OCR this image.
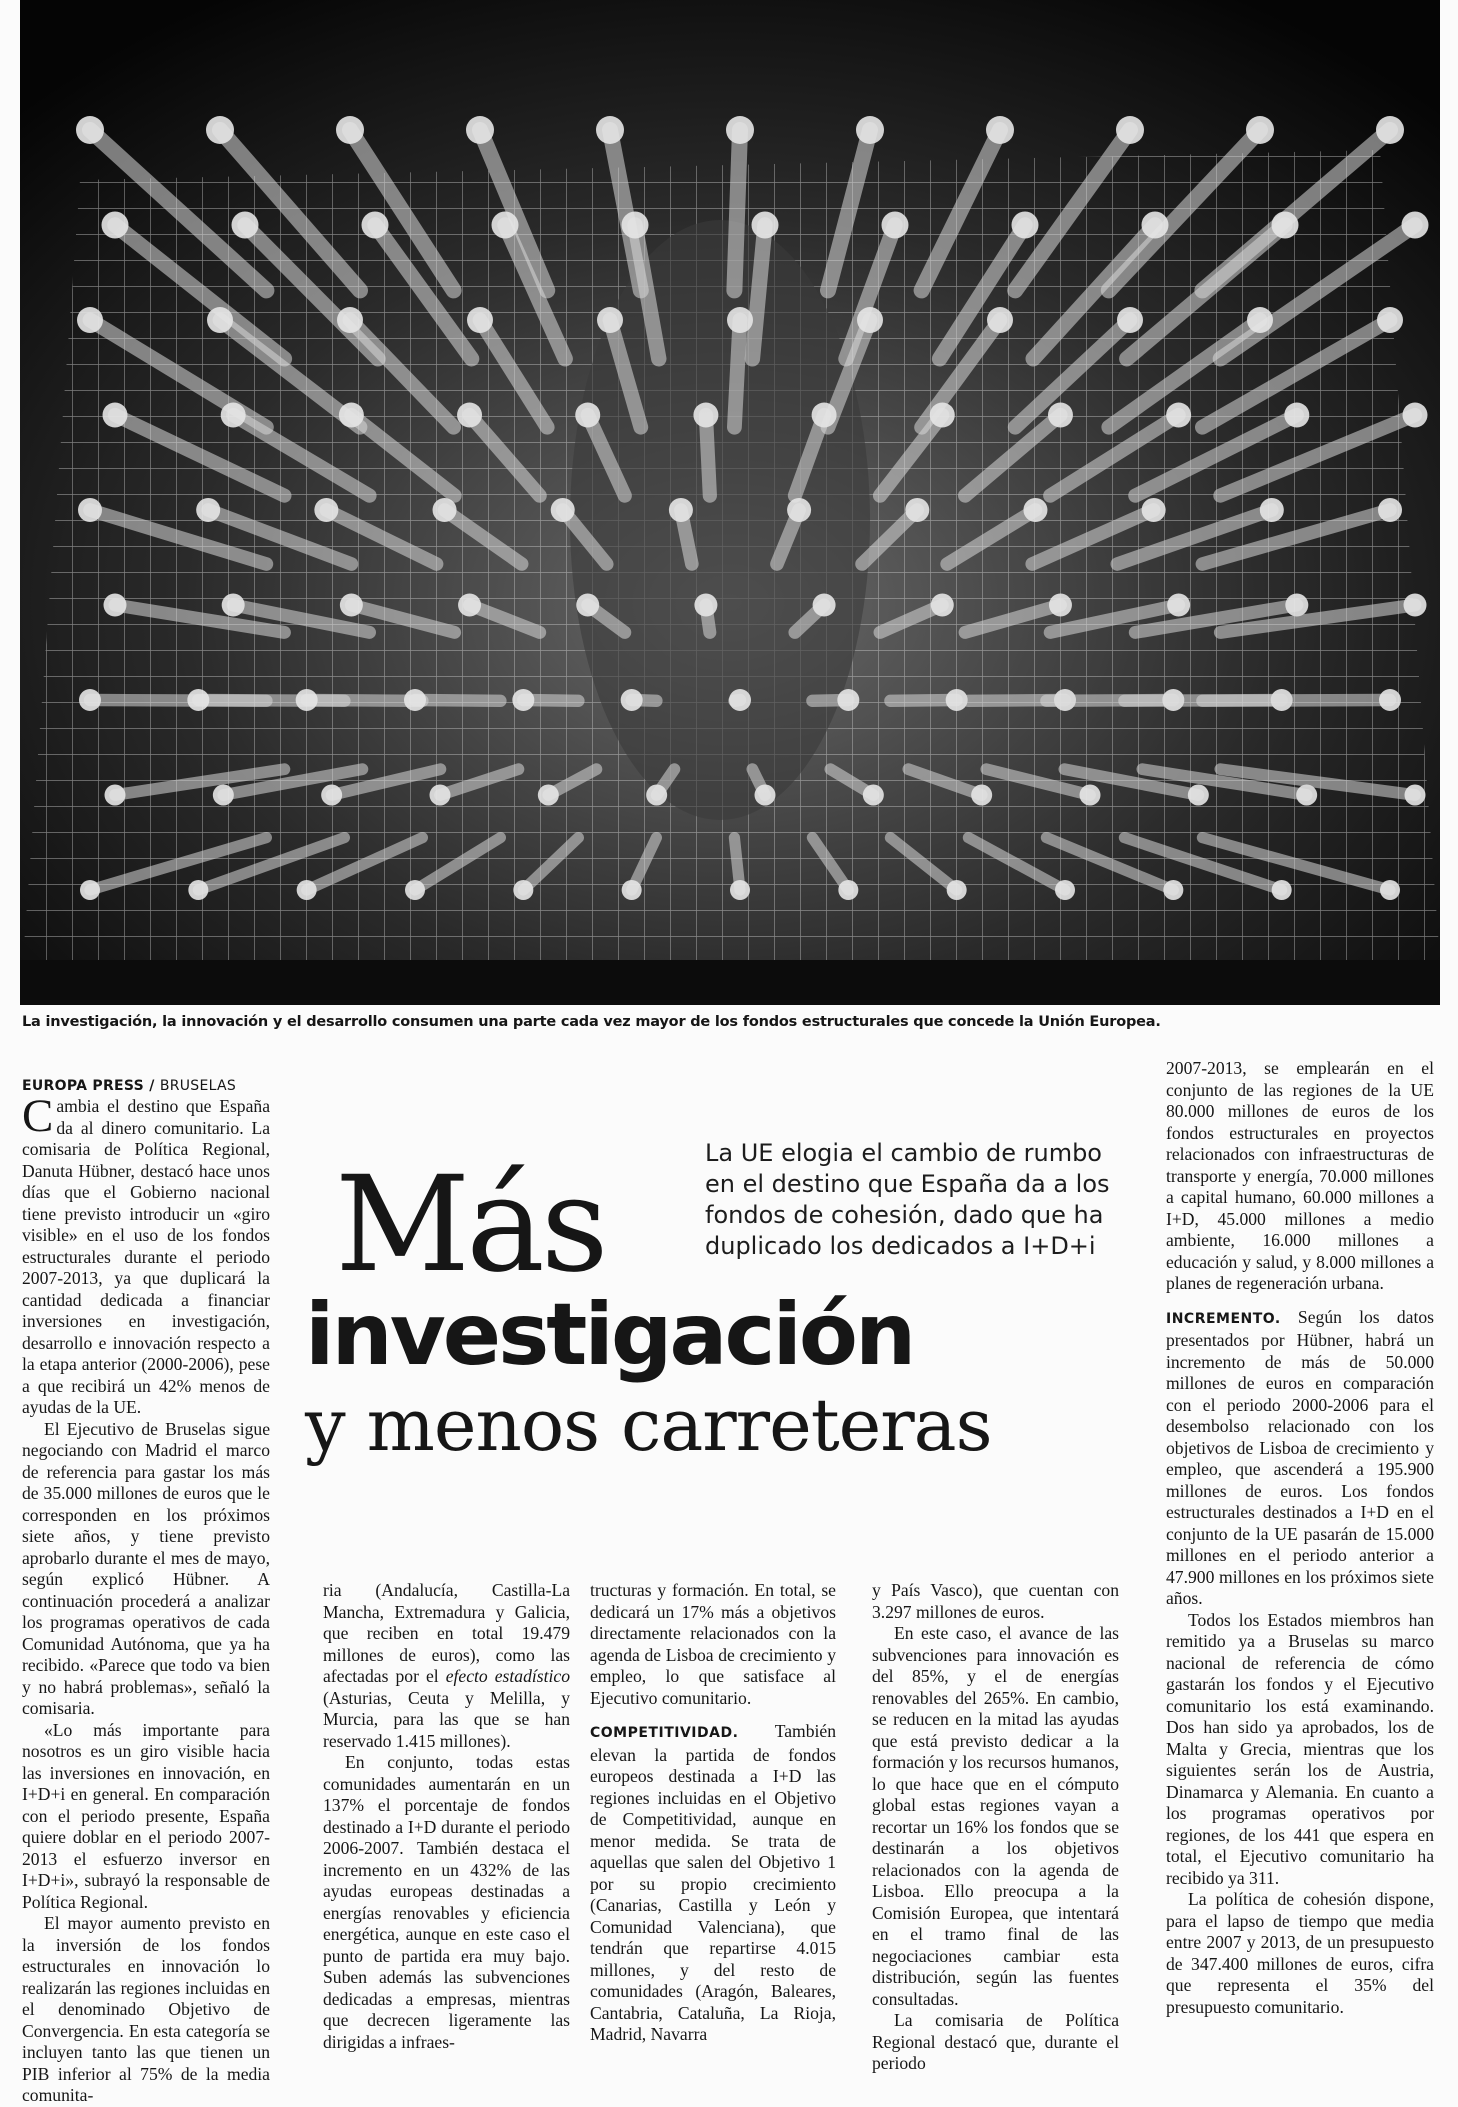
La investigación, la innovación y el desarrollo consumen una parte cada vez mayor de los fondos estructurales que concede la Unión Europea.
EUROPA PRESS / BRUSELAS

Cambia el destino que España da al dinero comunitario. La comisaria de Política Regional, Danuta Hübner, destacó hace unos días que el Gobierno nacional tiene previsto introducir un «giro visible» en el uso de los fondos estructurales durante el periodo 2007-2013, ya que duplicará la cantidad dedicada a financiar inversiones en investigación, desarrollo e innovación respecto a la etapa anterior (2000-2006), pese a que recibirá un 42% menos de ayudas de la UE.

El Ejecutivo de Bruselas sigue negociando con Madrid el marco de referencia para gastar los más de 35.000 millones de euros que le corresponden en los próximos siete años, y tiene previsto aprobarlo durante el mes de mayo, según explicó Hübner. A continuación procederá a analizar los programas operativos de cada Comunidad Autónoma, que ya ha recibido. «Parece que todo va bien y no habrá problemas», señaló la comisaria.

«Lo más importante para nosotros es un giro visible hacia las inversiones en innovación, en I+D+i en general. En comparación con el periodo presente, España quiere doblar en el periodo 2007-2013 el esfuerzo inversor en I+D+i», subrayó la responsable de Política Regional.

El mayor aumento previsto en la inversión de los fondos estructurales en innovación lo realizarán las regiones incluidas en el denominado Objetivo de Convergencia. En esta categoría se incluyen tanto las que tienen un PIB inferior al 75% de la media comunita-

Más
investigación
y menos carreteras
La UE elogia el cambio de rumbo en el destino que España da a los fondos de cohesión, dado que ha duplicado los dedicados a I+D+i

ria (Andalucía, Castilla-La Mancha, Extremadura y Galicia, que reciben en total 19.479 millones de euros), como las afectadas por el efecto estadístico (Asturias, Ceuta y Melilla, y Murcia, para las que se han reservado 1.415 millones).

En conjunto, todas estas comunidades aumentarán en un 137% el porcentaje de fondos destinado a I+D durante el periodo 2006-2007. También destaca el incremento en un 432% de las ayudas europeas destinadas a energías renovables y eficiencia energética, aunque en este caso el punto de partida era muy bajo. Suben además las subvenciones dedicadas a empresas, mientras que decrecen ligeramente las dirigidas a infraes-

tructuras y formación. En total, se dedicará un 17% más a objetivos directamente relacionados con la agenda de Lisboa de crecimiento y empleo, lo que satisface al Ejecutivo comunitario.

COMPETITIVIDAD. También elevan la partida de fondos europeos destinada a I+D las regiones incluidas en el Objetivo de Competitividad, aunque en menor medida. Se trata de aquellas que salen del Objetivo 1 por su propio crecimiento (Canarias, Castilla y León y Comunidad Valenciana), que tendrán que repartirse 4.015 millones, y del resto de comunidades (Aragón, Baleares, Cantabria, Cataluña, La Rioja, Madrid, Navarra

y País Vasco), que cuentan con 3.297 millones de euros.

En este caso, el avance de las subvenciones para innovación es del 85%, y el de energías renovables del 265%. En cambio, se reducen en la mitad las ayudas que está previsto dedicar a la formación y los recursos humanos, lo que hace que en el cómputo global estas regiones vayan a recortar un 16% los fondos que se destinarán a los objetivos relacionados con la agenda de Lisboa. Ello preocupa a la Comisión Europea, que intentará en el tramo final de las negociaciones cambiar esta distribución, según las fuentes consultadas.

La comisaria de Política Regional destacó que, durante el periodo

2007-2013, se emplearán en el conjunto de las regiones de la UE 80.000 millones de euros de los fondos estructurales en proyectos relacionados con infraestructuras de transporte y energía, 70.000 millones a capital humano, 60.000 millones a I+D, 45.000 millones a medio ambiente, 16.000 millones a educación y salud, y 8.000 millones a planes de regeneración urbana.

INCREMENTO. Según los datos presentados por Hübner, habrá un incremento de más de 50.000 millones de euros en comparación con el periodo 2000-2006 para el desembolso relacionado con los objetivos de Lisboa de crecimiento y empleo, que ascenderá a 195.900 millones de euros. Los fondos estructurales destinados a I+D en el conjunto de la UE pasarán de 15.000 millones en el periodo anterior a 47.900 millones en los próximos siete años.

Todos los Estados miembros han remitido ya a Bruselas su marco nacional de referencia de cómo gastarán los fondos y el Ejecutivo comunitario los está examinando. Dos han sido ya aprobados, los de Malta y Grecia, mientras que los siguientes serán los de Austria, Dinamarca y Alemania. En cuanto a los programas operativos por regiones, de los 441 que espera en total, el Ejecutivo comunitario ha recibido ya 311.

La política de cohesión dispone, para el lapso de tiempo que media entre 2007 y 2013, de un presupuesto de 347.400 millones de euros, cifra que representa el 35% del presupuesto comunitario.
